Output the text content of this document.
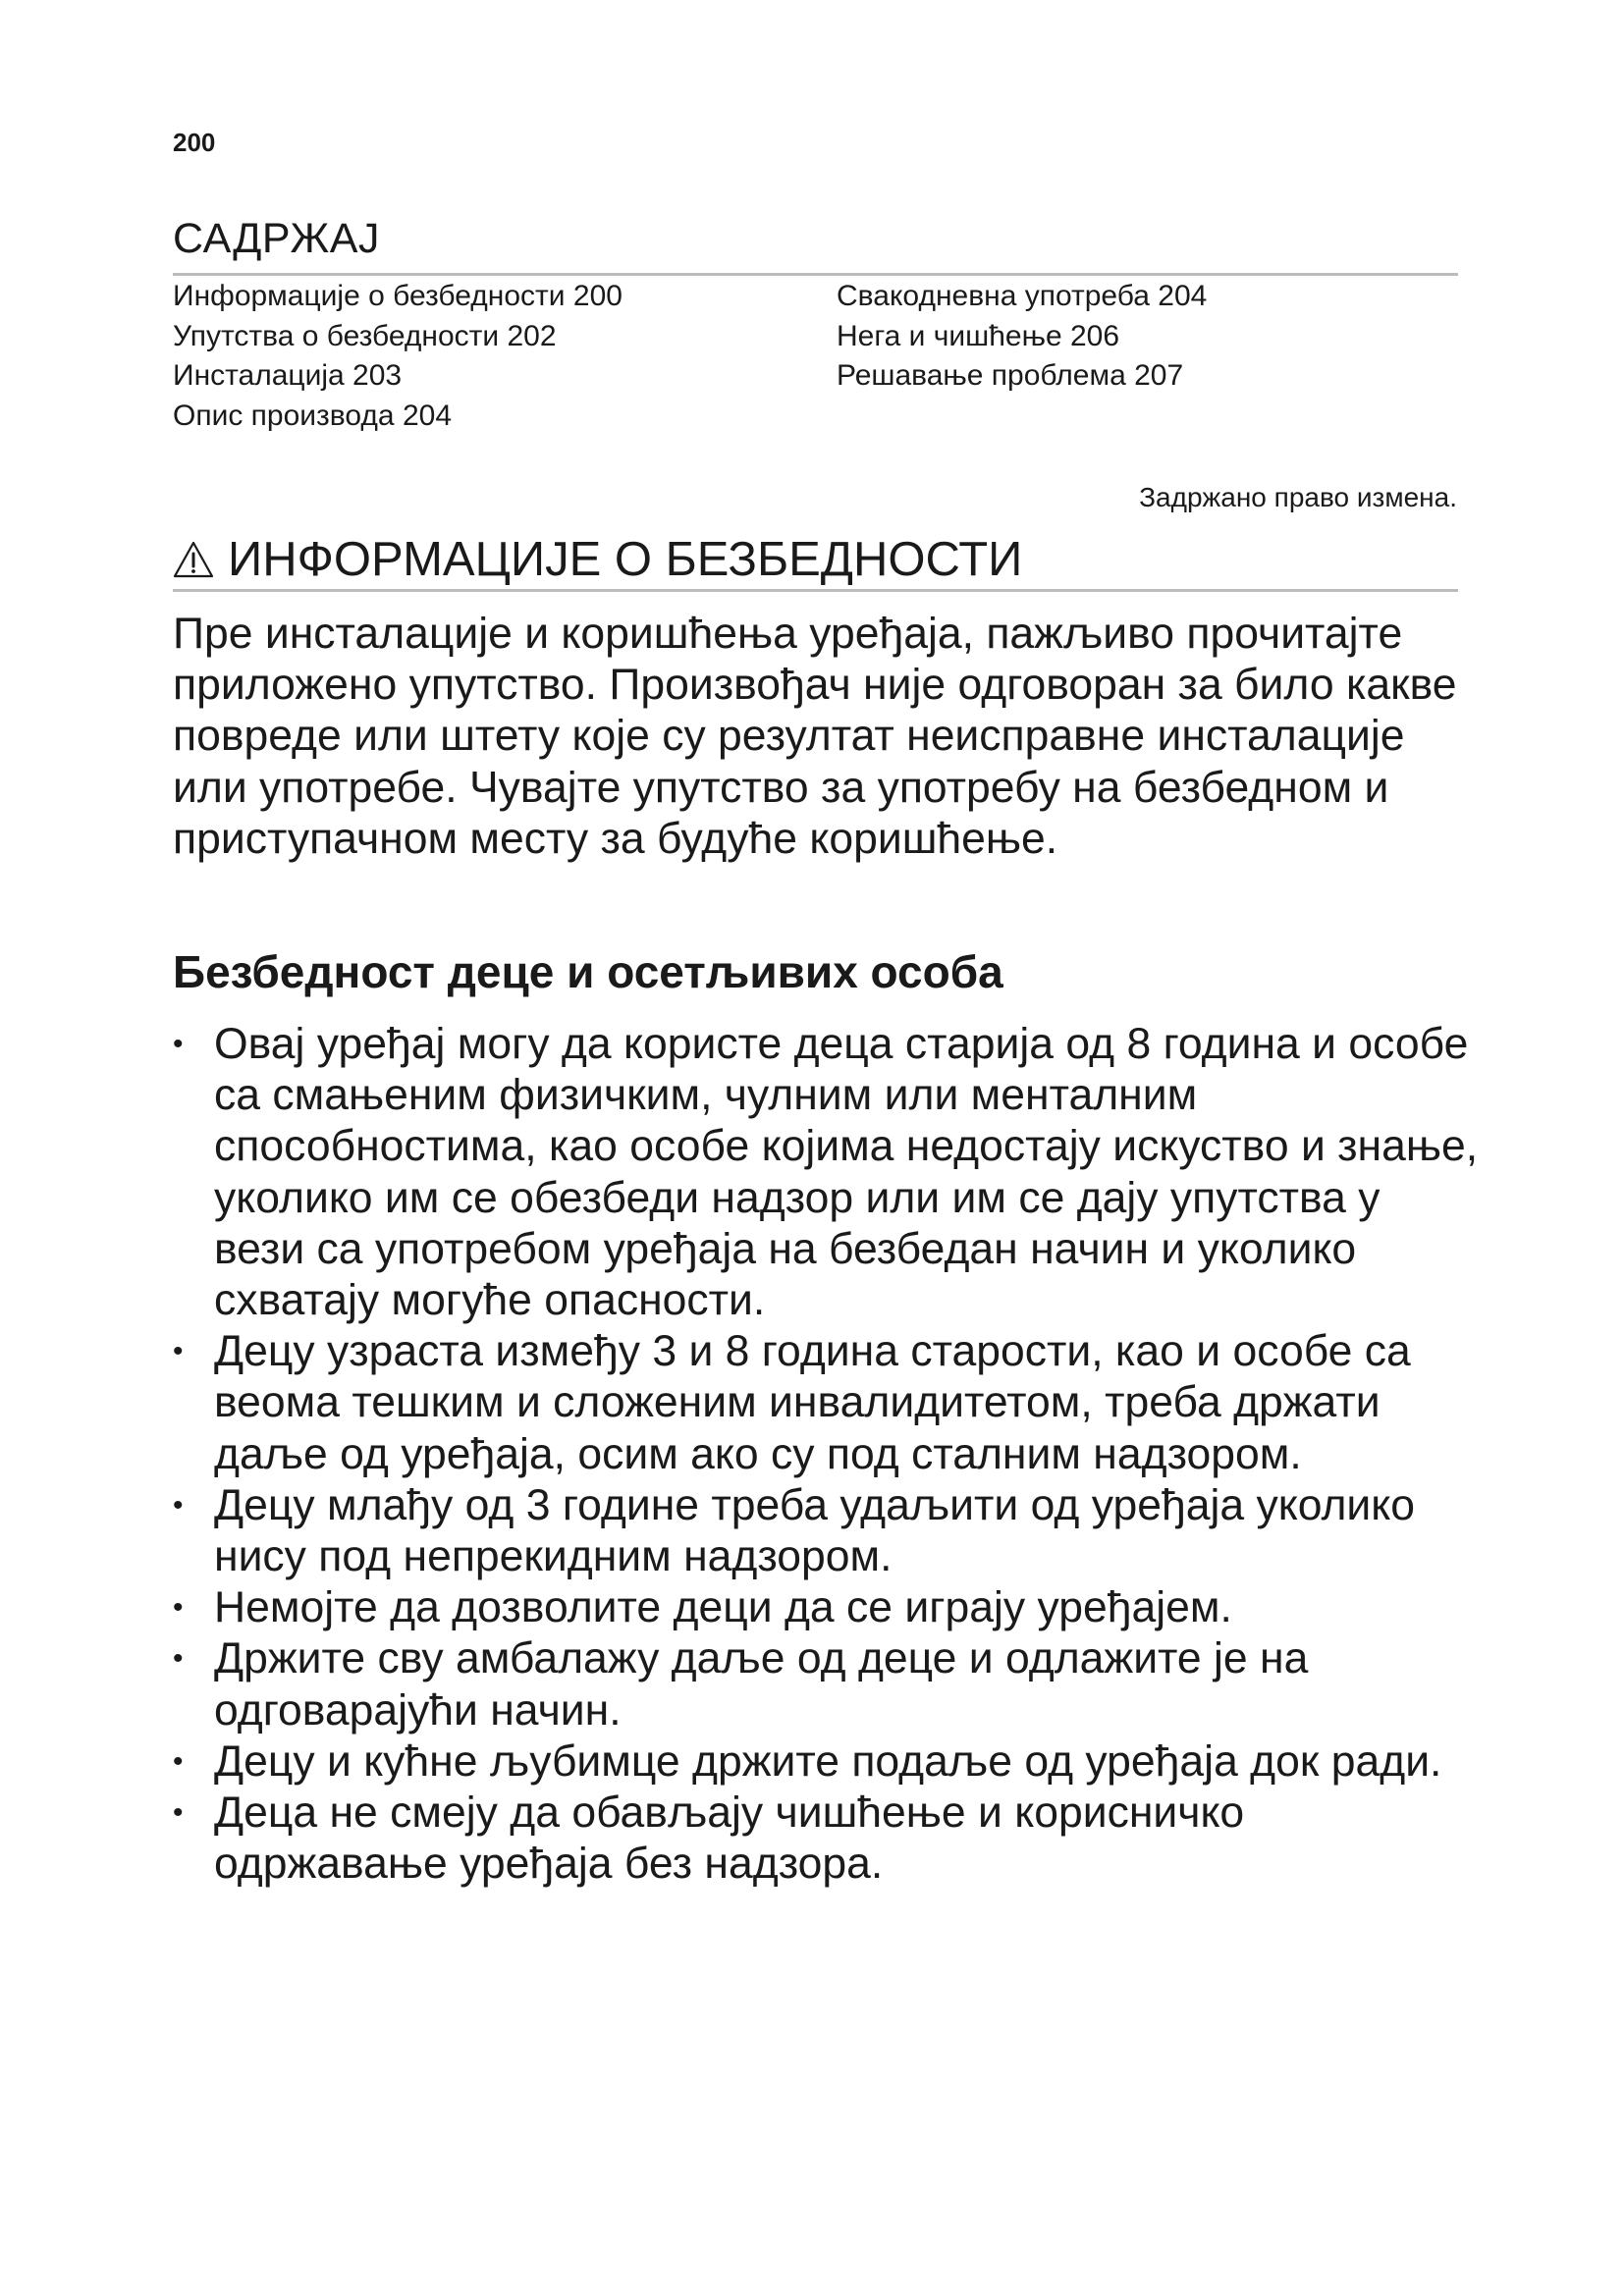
200
САДРЖАЈ
Информације о безбедности 200
Упутства о безбедности 202
Инсталација 203
Опис производа 204
Свакодневна употреба 204
Нега и чишћење 206
Решавање проблема 207
Задржано право измена.
ИНФОРМАЦИЈЕ О БЕЗБЕДНОСТИ

Пре инсталације и коришћења уређаја, пажљиво прочитајте приложено упутство. Произвођач није одговоран за било какве повреде или штету које су резултат неисправне инсталације или употребе. Чувајте упутство за употребу на безбедном и приступачном месту за будуће коришћење.

Безбедност деце и осетљивих особа
• Овај уређај могу да користе деца старија од 8 година и особе са смањеним физичким, чулним или менталним способностима, као особе којима недостају искуство и знање, уколико им се обезбеди надзор или им се дају упутства у вези са употребом уређаја на безбедан начин и уколико схватају могуће опасности.
• Децу узраста између 3 и 8 година старости, као и особе са веома тешким и сложеним инвалидитетом, треба држати даље од уређаја, осим ако су под сталним надзором.
• Децу млађу од 3 године треба удаљити од уређаја уколико нису под непрекидним надзором.
• Немојте да дозволите деци да се играју уређајем.
• Држите сву амбалажу даље од деце и одлажите је на одговарајући начин.
• Децу и кућне љубимце држите подаље од уређаја док ради.
• Деца не смеју да обављају чишћење и корисничко одржавање уређаја без надзора.
